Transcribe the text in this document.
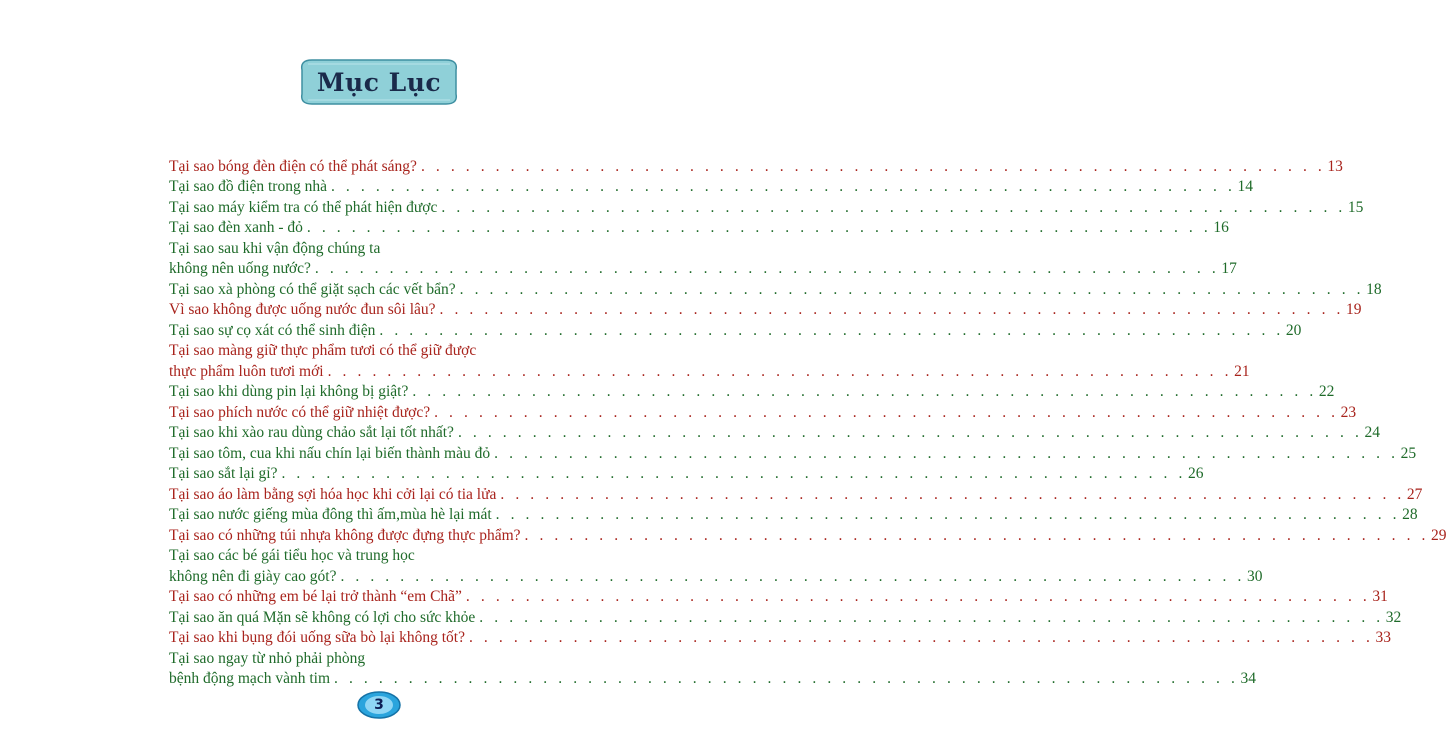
Mục Lục
Tại sao bóng đèn điện có thể phát sáng? . . . . . . . . . . . . . . . . . . . . . . . . . . . . . . . . . . . . . . . . . . . . . . . . . . . . . . . . . . . . . 13
Tại sao đồ điện trong nhà . . . . . . . . . . . . . . . . . . . . . . . . . . . . . . . . . . . . . . . . . . . . . . . . . . . . . . . . . . . . . 14
Tại sao máy kiểm tra có thể phát hiện được . . . . . . . . . . . . . . . . . . . . . . . . . . . . . . . . . . . . . . . . . . . . . . . . . . . . . . . . . . . . . 15
Tại sao đèn xanh - đỏ . . . . . . . . . . . . . . . . . . . . . . . . . . . . . . . . . . . . . . . . . . . . . . . . . . . . . . . . . . . . . 16
Tại sao sau khi vận động chúng ta
không nên uống nước? . . . . . . . . . . . . . . . . . . . . . . . . . . . . . . . . . . . . . . . . . . . . . . . . . . . . . . . . . . . . . 17
Tại sao xà phòng có thể giặt sạch các vết bẩn? . . . . . . . . . . . . . . . . . . . . . . . . . . . . . . . . . . . . . . . . . . . . . . . . . . . . . . . . . . . . . 18
Vì sao không được uống nước đun sôi lâu? . . . . . . . . . . . . . . . . . . . . . . . . . . . . . . . . . . . . . . . . . . . . . . . . . . . . . . . . . . . . . 19
Tại sao sự cọ xát có thể sinh điện . . . . . . . . . . . . . . . . . . . . . . . . . . . . . . . . . . . . . . . . . . . . . . . . . . . . . . . . . . . . . 20
Tại sao màng giữ thực phẩm tươi có thể giữ được
thực phẩm luôn tươi mới . . . . . . . . . . . . . . . . . . . . . . . . . . . . . . . . . . . . . . . . . . . . . . . . . . . . . . . . . . . . . 21
Tại sao khi dùng pin lại không bị giật? . . . . . . . . . . . . . . . . . . . . . . . . . . . . . . . . . . . . . . . . . . . . . . . . . . . . . . . . . . . . . 22
Tại sao phích nước có thể giữ nhiệt được? . . . . . . . . . . . . . . . . . . . . . . . . . . . . . . . . . . . . . . . . . . . . . . . . . . . . . . . . . . . . . 23
Tại sao khi xào rau dùng chảo sắt lại tốt nhất? . . . . . . . . . . . . . . . . . . . . . . . . . . . . . . . . . . . . . . . . . . . . . . . . . . . . . . . . . . . . . 24
Tại sao tôm, cua khi nấu chín lại biến thành màu đỏ . . . . . . . . . . . . . . . . . . . . . . . . . . . . . . . . . . . . . . . . . . . . . . . . . . . . . . . . . . . . . 25
Tại sao sắt lại gỉ? . . . . . . . . . . . . . . . . . . . . . . . . . . . . . . . . . . . . . . . . . . . . . . . . . . . . . . . . . . . . . 26
Tại sao áo làm bằng sợi hóa học khi cởi lại có tia lửa . . . . . . . . . . . . . . . . . . . . . . . . . . . . . . . . . . . . . . . . . . . . . . . . . . . . . . . . . . . . . 27
Tại sao nước giếng mùa đông thì ấm,mùa hè lại mát . . . . . . . . . . . . . . . . . . . . . . . . . . . . . . . . . . . . . . . . . . . . . . . . . . . . . . . . . . . . . 28
Tại sao có những túi nhựa không được đựng thực phẩm? . . . . . . . . . . . . . . . . . . . . . . . . . . . . . . . . . . . . . . . . . . . . . . . . . . . . . . . . . . . . . 29
Tại sao các bé gái tiểu học và trung học
không nên đi giày cao gót? . . . . . . . . . . . . . . . . . . . . . . . . . . . . . . . . . . . . . . . . . . . . . . . . . . . . . . . . . . . . . 30
Tại sao có những em bé lại trở thành “em Chã” . . . . . . . . . . . . . . . . . . . . . . . . . . . . . . . . . . . . . . . . . . . . . . . . . . . . . . . . . . . . . 31
Tại sao ăn quá Mặn sẽ không có lợi cho sức khỏe . . . . . . . . . . . . . . . . . . . . . . . . . . . . . . . . . . . . . . . . . . . . . . . . . . . . . . . . . . . . . 32
Tại sao khi bụng đói uống sữa bò lại không tốt? . . . . . . . . . . . . . . . . . . . . . . . . . . . . . . . . . . . . . . . . . . . . . . . . . . . . . . . . . . . . . 33
Tại sao ngay từ nhỏ phải phòng
bệnh động mạch vành tim . . . . . . . . . . . . . . . . . . . . . . . . . . . . . . . . . . . . . . . . . . . . . . . . . . . . . . . . . . . . . 34
3
